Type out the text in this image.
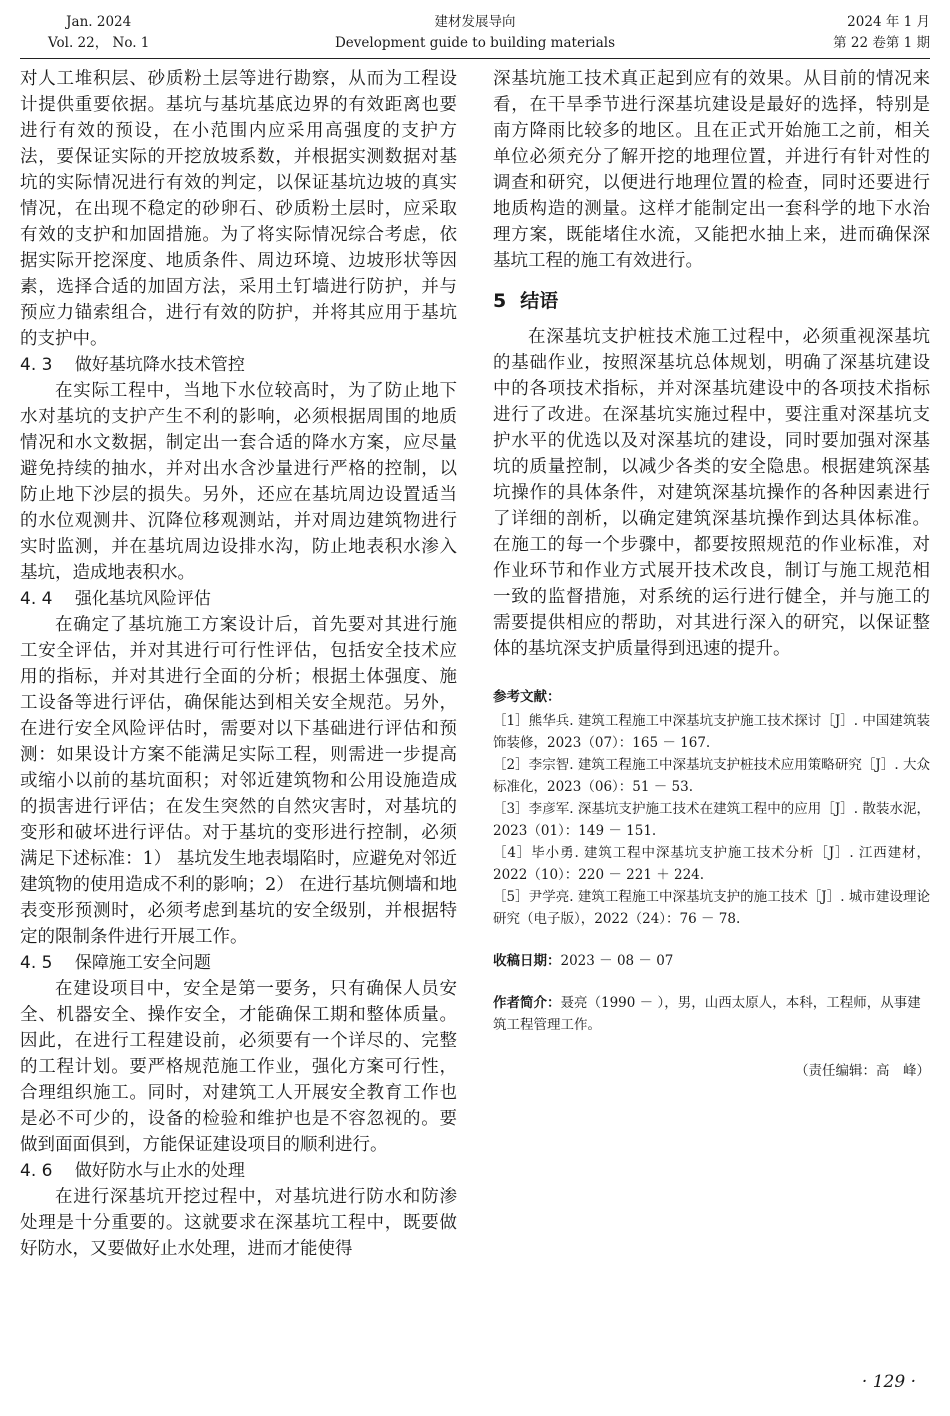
Jan. 2024
Vol. 22， No. 1
建材发展导向
Development guide to building materials
2024 年 1 月
第 22 卷第 1 期

对人工堆积层、砂质粉土层等进行勘察，从而为工程设计提供重要依据。基坑与基坑基底边界的有效距离也要进行有效的预设，在小范围内应采用高强度的支护方法，要保证实际的开挖放坡系数，并根据实测数据对基坑的实际情况进行有效的判定，以保证基坑边坡的真实情况，在出现不稳定的砂卵石、砂质粉土层时，应采取有效的支护和加固措施。为了将实际情况综合考虑，依据实际开挖深度、地质条件、周边环境、边坡形状等因素，选择合适的加固方法，采用土钉墙进行防护，并与预应力锚索组合，进行有效的防护，并将其应用于基坑的支护中。

4. 3　 做好基坑降水技术管控

在实际工程中，当地下水位较高时，为了防止地下水对基坑的支护产生不利的影响，必须根据周围的地质情况和水文数据，制定出一套合适的降水方案，应尽量避免持续的抽水，并对出水含沙量进行严格的控制，以防止地下沙层的损失。另外，还应在基坑周边设置适当的水位观测井、沉降位移观测站，并对周边建筑物进行实时监测，并在基坑周边设排水沟，防止地表积水渗入基坑，造成地表积水。

4. 4　 强化基坑风险评估

在确定了基坑施工方案设计后，首先要对其进行施工安全评估，并对其进行可行性评估，包括安全技术应用的指标，并对其进行全面的分析；根据土体强度、施工设备等进行评估，确保能达到相关安全规范。另外，在进行安全风险评估时，需要对以下基础进行评估和预测：如果设计方案不能满足实际工程，则需进一步提高或缩小以前的基坑面积；对邻近建筑物和公用设施造成的损害进行评估；在发生突然的自然灾害时，对基坑的变形和破坏进行评估。对于基坑的变形进行控制，必须满足下述标准：1） 基坑发生地表塌陷时，应避免对邻近建筑物的使用造成不利的影响；2） 在进行基坑侧墙和地表变形预测时，必须考虑到基坑的安全级别，并根据特定的限制条件进行开展工作。

4. 5　 保障施工安全问题

在建设项目中，安全是第一要务，只有确保人员安全、机器安全、操作安全，才能确保工期和整体质量。因此，在进行工程建设前，必须要有一个详尽的、完整的工程计划。要严格规范施工作业，强化方案可行性，合理组织施工。同时，对建筑工人开展安全教育工作也是必不可少的，设备的检验和维护也是不容忽视的。要做到面面俱到，方能保证建设项目的顺利进行。

4. 6　 做好防水与止水的处理

在进行深基坑开挖过程中，对基坑进行防水和防渗处理是十分重要的。这就要求在深基坑工程中，既要做好防水，又要做好止水处理，进而才能使得

深基坑施工技术真正起到应有的效果。从目前的情况来看，在干旱季节进行深基坑建设是最好的选择，特别是南方降雨比较多的地区。且在正式开始施工之前，相关单位必须充分了解开挖的地理位置，并进行有针对性的调查和研究，以便进行地理位置的检查，同时还要进行地质构造的测量。这样才能制定出一套科学的地下水治理方案，既能堵住水流，又能把水抽上来，进而确保深基坑工程的施工有效进行。

5 结语

在深基坑支护桩技术施工过程中，必须重视深基坑的基础作业，按照深基坑总体规划，明确了深基坑建设中的各项技术指标，并对深基坑建设中的各项技术指标进行了改进。在深基坑实施过程中，要注重对深基坑支护水平的优选以及对深基坑的建设，同时要加强对深基坑的质量控制，以减少各类的安全隐患。根据建筑深基坑操作的具体条件，对建筑深基坑操作的各种因素进行了详细的剖析，以确定建筑深基坑操作到达具体标准。在施工的每一个步骤中，都要按照规范的作业标准，对作业环节和作业方式展开技术改良，制订与施工规范相一致的监督措施，对系统的运行进行健全，并与施工的需要提供相应的帮助，对其进行深入的研究，以保证整体的基坑深支护质量得到迅速的提升。

参考文献：

［1］熊华兵. 建筑工程施工中深基坑支护施工技术探讨［J］. 中国建筑装饰装修，2023（07）：165 － 167.

［2］李宗智. 建筑工程施工中深基坑支护桩技术应用策略研究［J］. 大众标准化，2023（06）：51 － 53.

［3］李彦军. 深基坑支护施工技术在建筑工程中的应用［J］. 散装水泥，2023（01）：149 － 151.

［4］毕小勇. 建筑工程中深基坑支护施工技术分析［J］. 江西建材，2022（10）：220 － 221 ＋ 224.

［5］尹学亮. 建筑工程施工中深基坑支护的施工技术［J］. 城市建设理论研究（电子版），2022（24）：76 － 78.

收稿日期：2023 － 08 － 07
作者简介：聂亮（1990 － ），男，山西太原人，本科，工程师，从事建筑工程管理工作。
（责任编辑：高　峰）
· 129 ·
